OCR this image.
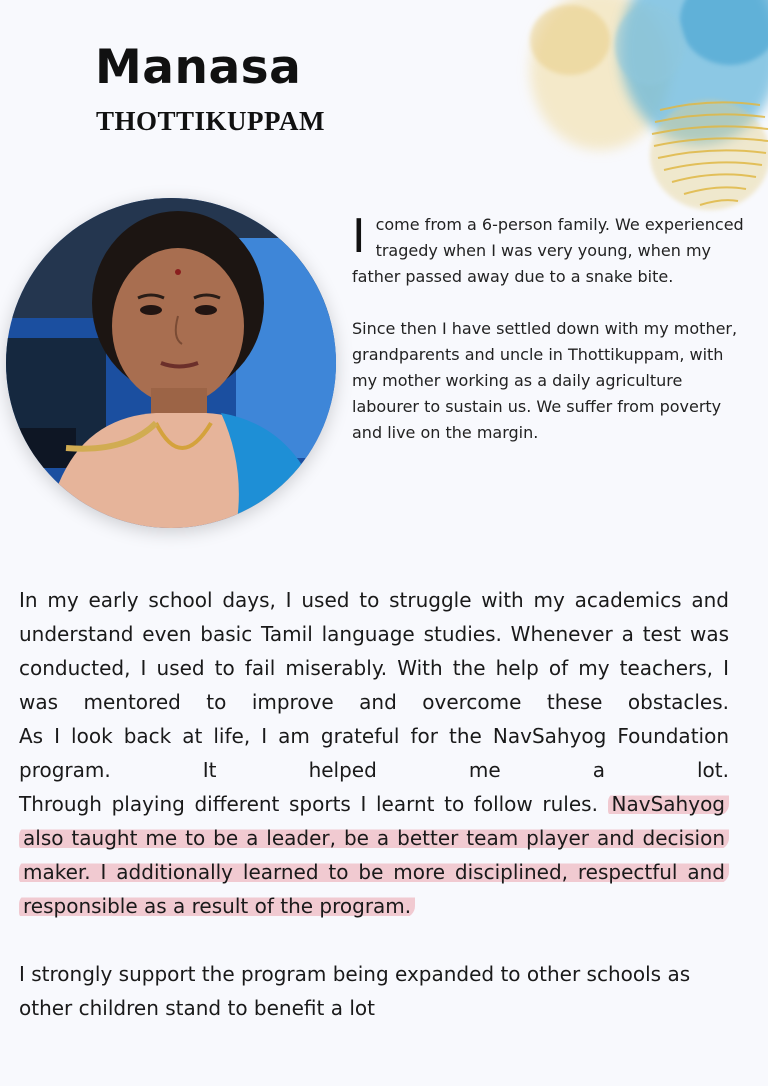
Manasa
THOTTIKUPPAM

Icome from a 6-person family. We experienced tragedy when I was very young, when my father passed away due to a snake bite.

Since then I have settled down with my mother, grandparents and uncle in Thottikuppam, with my mother working as a daily agriculture labourer to sustain us. We suffer from poverty and live on the margin.

In my early school days, I used to struggle with my academics and understand even basic Tamil language studies. Whenever a test was conducted, I used to fail miserably. With the help of my teachers, I was mentored to improve and overcome these obstacles.

As I look back at life, I am grateful for the NavSahyog Foundation program. It helped me a lot.

Through playing different sports I learnt to follow rules. NavSahyog also taught me to be a leader, be a better team player and decision maker. I additionally learned to be more disciplined, respectful and responsible as a result of the program.

I strongly support the program being expanded to other schools as other children stand to benefit a lot
